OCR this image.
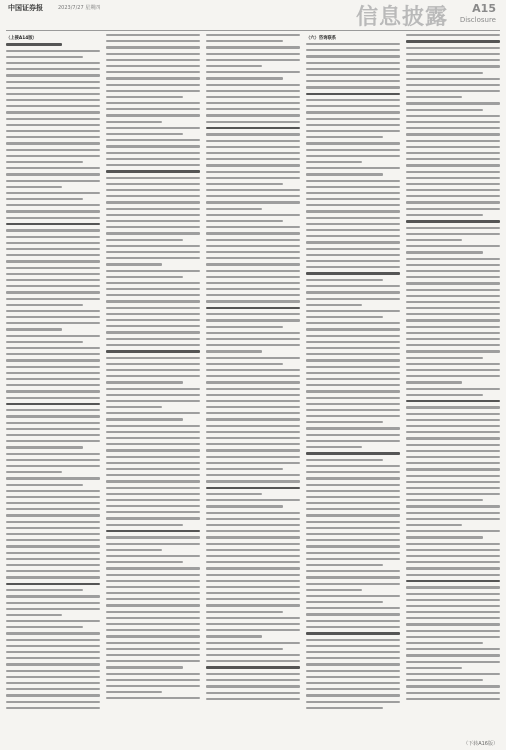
中国证券报	2023/7/27 星期四	信息披露 A15
Disclosure
（上接A14版）	（六）咨询联系
（下转A16版）
